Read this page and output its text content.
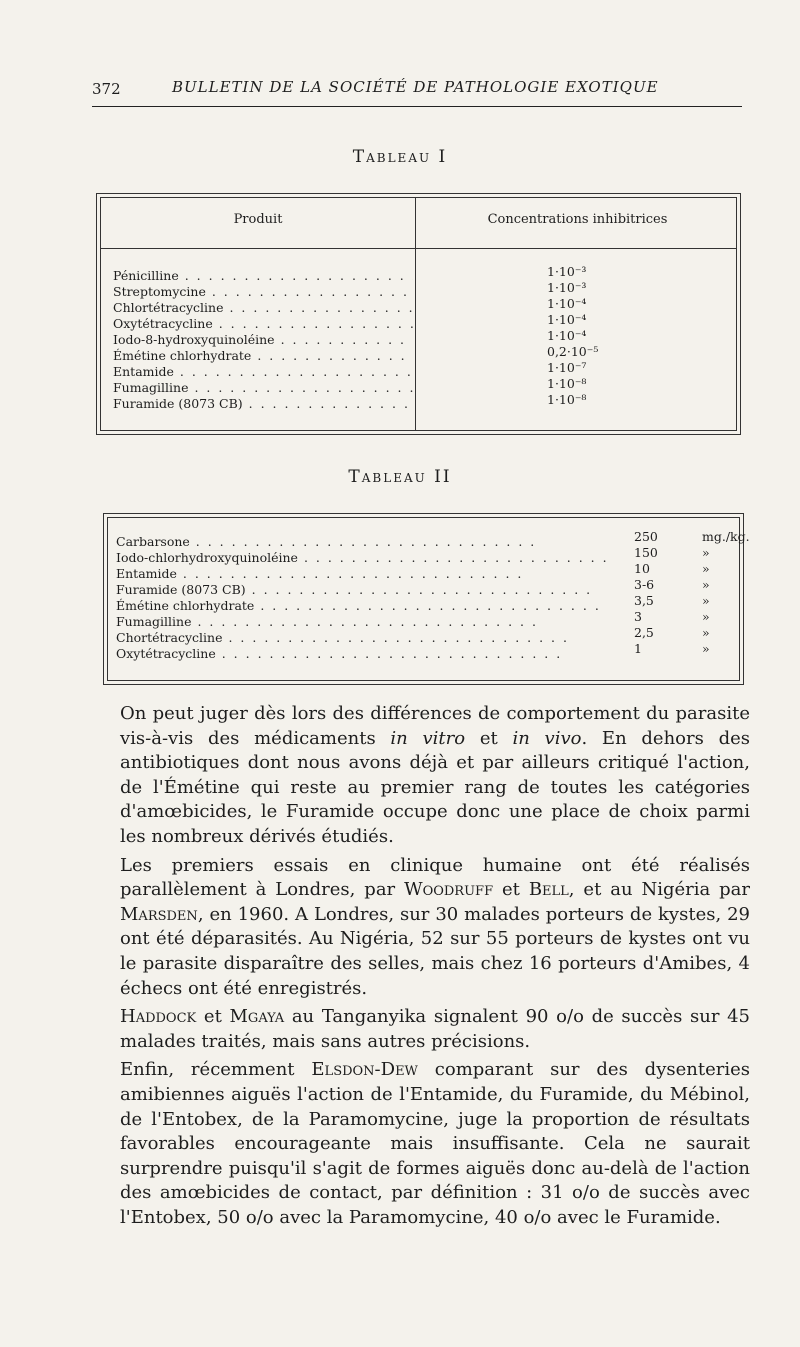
372	BULLETIN DE LA SOCIÉTÉ DE PATHOLOGIE EXOTIQUE
Tableau I
Produit	Concentrations inhibitrices
Pénicilline . . .
Streptomycine . . .
Chlortétracycline . . .
Oxytétracycline . . .
Iodo-8-hydroxyquinoléine . . .
Émétine chlorhydrate . . .
Entamide . . .
Fumagilline . . .
Furamide (8073 CB) . . .
1·10⁻³
1·10⁻³
1·10⁻⁴
1·10⁻⁴
1·10⁻⁴
0,2·10⁻⁵
1·10⁻⁷
1·10⁻⁸
1·10⁻⁸
Tableau II
Carbarsone . . .
Iodo-chlorhydroxyquinoléine . . .
Entamide . . .
Furamide (8073 CB) . . .
Émétine chlorhydrate . . .
Fumagilline . . .
Chortétracycline . . .
Oxytétracycline . . .
250
150
10
3-6
3,5
3
2,5
1
mg./kg.
»
»
»
»
»
»
»

On peut juger dès lors des différences de comportement du parasite vis-à-vis des médicaments in vitro et in vivo. En dehors des antibiotiques dont nous avons déjà et par ailleurs critiqué l'action, de l'Émétine qui reste au premier rang de toutes les catégories d'amœbicides, le Furamide occupe donc une place de choix parmi les nombreux dérivés étudiés.

Les premiers essais en clinique humaine ont été réalisés parallèlement à Londres, par Woodruff et Bell, et au Nigéria par Marsden, en 1960. A Londres, sur 30 malades porteurs de kystes, 29 ont été déparasités. Au Nigéria, 52 sur 55 porteurs de kystes ont vu le parasite disparaître des selles, mais chez 16 porteurs d'Amibes, 4 échecs ont été enregistrés.

Haddock et Mgaya au Tanganyika signalent 90 o/o de succès sur 45 malades traités, mais sans autres précisions.

Enfin, récemment Elsdon-Dew comparant sur des dysenteries amibiennes aiguës l'action de l'Entamide, du Furamide, du Mébinol, de l'Entobex, de la Paramomycine, juge la proportion de résultats favorables encourageante mais insuffisante. Cela ne saurait surprendre puisqu'il s'agit de formes aiguës donc au-delà de l'action des amœbicides de contact, par définition : 31 o/o de succès avec l'Entobex, 50 o/o avec la Paramomycine, 40 o/o avec le Furamide.
